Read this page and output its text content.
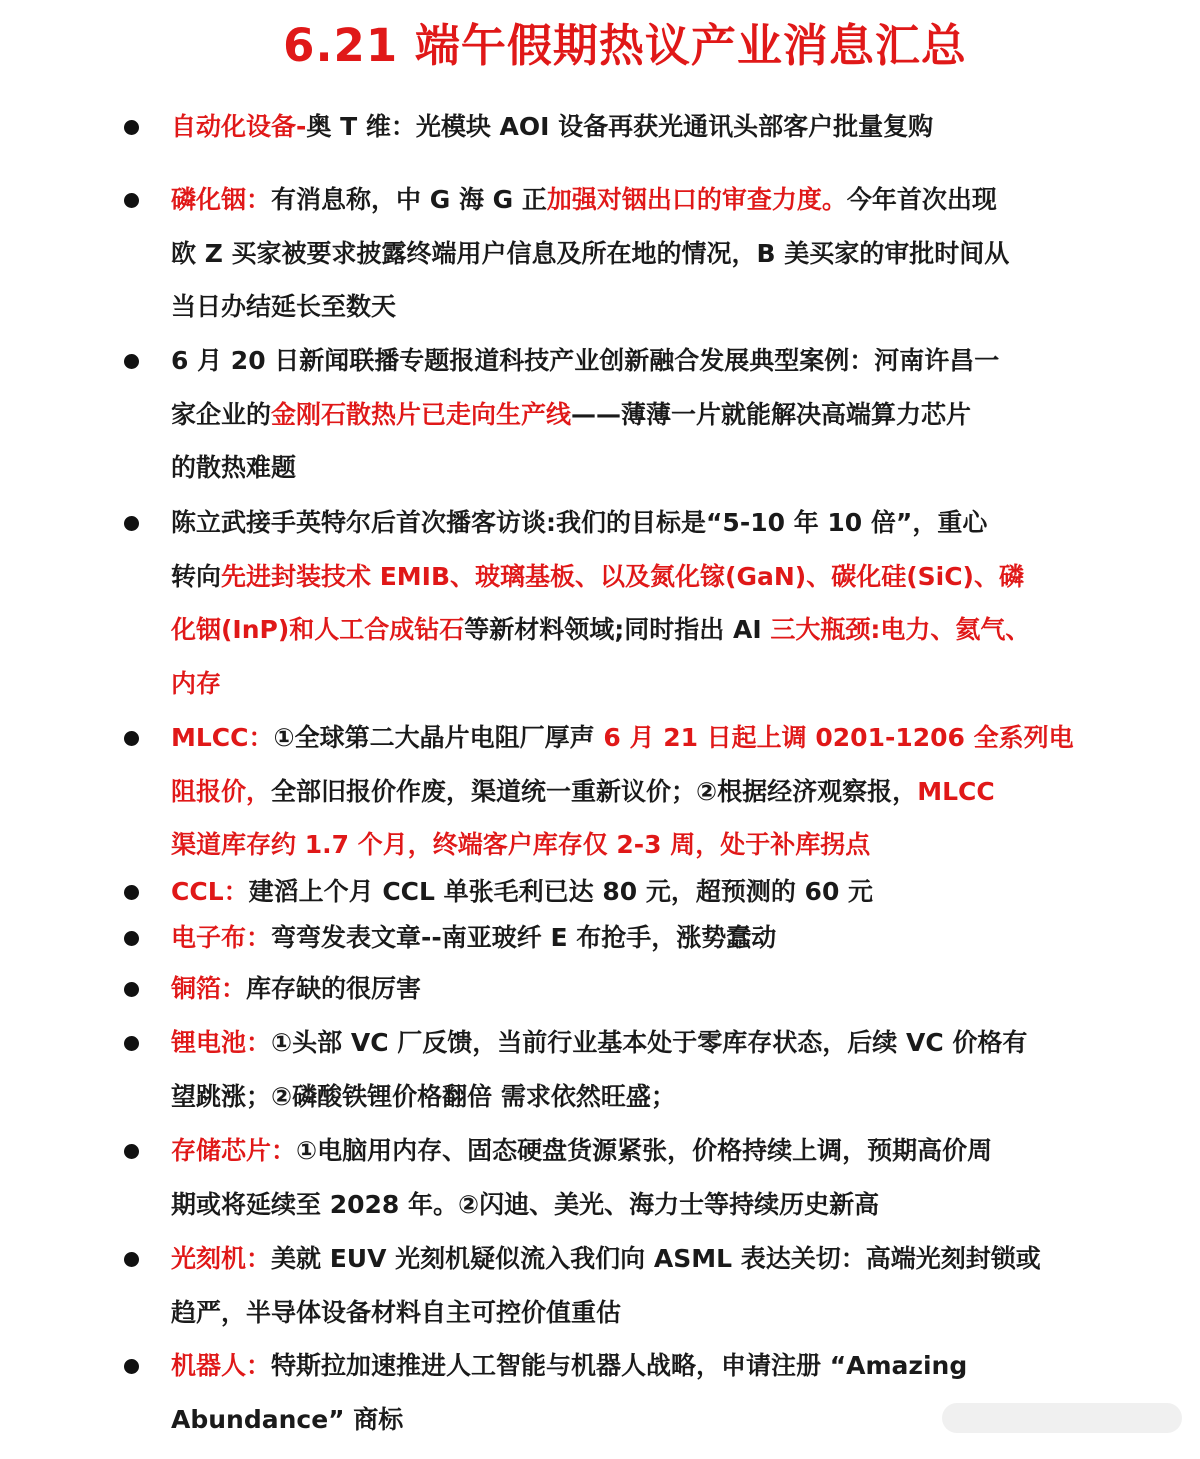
6.21 端午假期热议产业消息汇总

自动化设备-奥 T 维：光模块 AOI 设备再获光通讯头部客户批量复购

磷化铟：有消息称，中 G 海 G 正加强对铟出口的审查力度。今年首次出现
欧 Z 买家被要求披露终端用户信息及所在地的情况，B 美买家的审批时间从
当日办结延长至数天

6 月 20 日新闻联播专题报道科技产业创新融合发展典型案例：河南许昌一
家企业的金刚石散热片已走向生产线——薄薄一片就能解决高端算力芯片
的散热难题

陈立武接手英特尔后首次播客访谈:我们的目标是“5-10 年 10 倍”，重心
转向先进封装技术 EMIB、玻璃基板、以及氮化镓(GaN)、碳化硅(SiC)、磷
化铟(InP)和人工合成钻石等新材料领域;同时指出 AI 三大瓶颈:电力、氦气、
内存

MLCC：①全球第二大晶片电阻厂厚声 6 月 21 日起上调 0201-1206 全系列电
阻报价，全部旧报价作废，渠道统一重新议价；②根据经济观察报，MLCC
渠道库存约 1.7 个月，终端客户库存仅 2-3 周，处于补库拐点

CCL：建滔上个月 CCL 单张毛利已达 80 元，超预测的 60 元

电子布：弯弯发表文章--南亚玻纤 E 布抢手，涨势蠢动

铜箔：库存缺的很厉害

锂电池：①头部 VC 厂反馈，当前行业基本处于零库存状态，后续 VC 价格有
望跳涨；②磷酸铁锂价格翻倍 需求依然旺盛；

存储芯片：①电脑用内存、固态硬盘货源紧张，价格持续上调，预期高价周
期或将延续至 2028 年。②闪迪、美光、海力士等持续历史新高

光刻机：美就 EUV 光刻机疑似流入我们向 ASML 表达关切：高端光刻封锁或
趋严，半导体设备材料自主可控价值重估

机器人：特斯拉加速推进人工智能与机器人战略，申请注册 “Amazing
Abundance” 商标
